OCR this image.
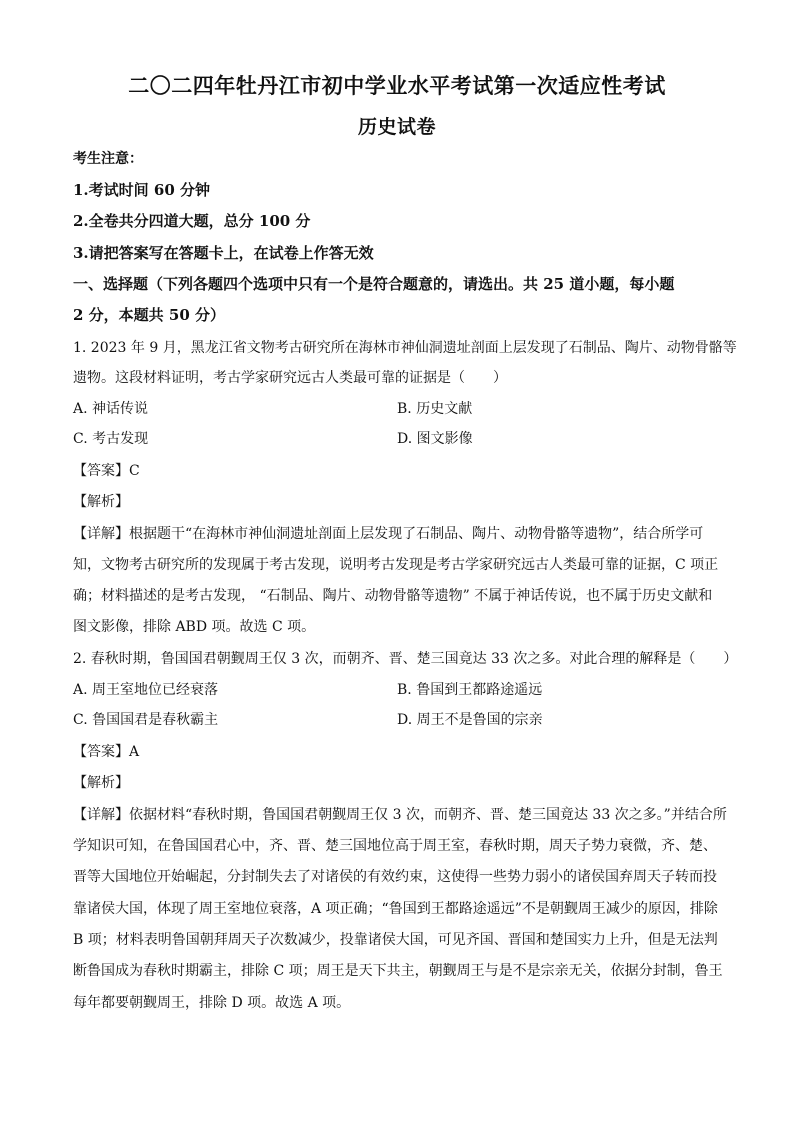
二〇二四年牡丹江市初中学业水平考试第一次适应性考试
历史试卷
考生注意：
1.考试时间 60 分钟
2.全卷共分四道大题，总分 100 分
3.请把答案写在答题卡上，在试卷上作答无效
一、选择题（下列各题四个选项中只有一个是符合题意的，请选出。共 25 道小题，每小题
2 分，本题共 50 分）
1. 2023 年 9 月，黑龙江省文物考古研究所在海林市神仙洞遗址剖面上层发现了石制品、陶片、动物骨骼等
遗物。这段材料证明，考古学家研究远古人类最可靠的证据是（　　）
A. 神话传说	B. 历史文献
C. 考古发现	D. 图文影像
【答案】C
【解析】
【详解】根据题干“在海林市神仙洞遗址剖面上层发现了石制品、陶片、动物骨骼等遗物”，结合所学可
知，文物考古研究所的发现属于考古发现，说明考古发现是考古学家研究远古人类最可靠的证据，C 项正
确；材料描述的是考古发现， “石制品、陶片、动物骨骼等遗物” 不属于神话传说，也不属于历史文献和
图文影像，排除 ABD 项。故选 C 项。
2. 春秋时期，鲁国国君朝觐周王仅 3 次，而朝齐、晋、楚三国竟达 33 次之多。对此合理的解释是（　　）
A. 周王室地位已经衰落	B. 鲁国到王都路途遥远
C. 鲁国国君是春秋霸主	D. 周王不是鲁国的宗亲
【答案】A
【解析】
【详解】依据材料“春秋时期，鲁国国君朝觐周王仅 3 次，而朝齐、晋、楚三国竟达 33 次之多。”并结合所
学知识可知，在鲁国国君心中，齐、晋、楚三国地位高于周王室，春秋时期，周天子势力衰微，齐、楚、
晋等大国地位开始崛起，分封制失去了对诸侯的有效约束，这使得一些势力弱小的诸侯国弃周天子转而投
靠诸侯大国，体现了周王室地位衰落，A 项正确；“鲁国到王都路途遥远”不是朝觐周王减少的原因，排除
B 项；材料表明鲁国朝拜周天子次数减少，投靠诸侯大国，可见齐国、晋国和楚国实力上升，但是无法判
断鲁国成为春秋时期霸主，排除 C 项；周王是天下共主，朝觐周王与是不是宗亲无关，依据分封制，鲁王
每年都要朝觐周王，排除 D 项。故选 A 项。
